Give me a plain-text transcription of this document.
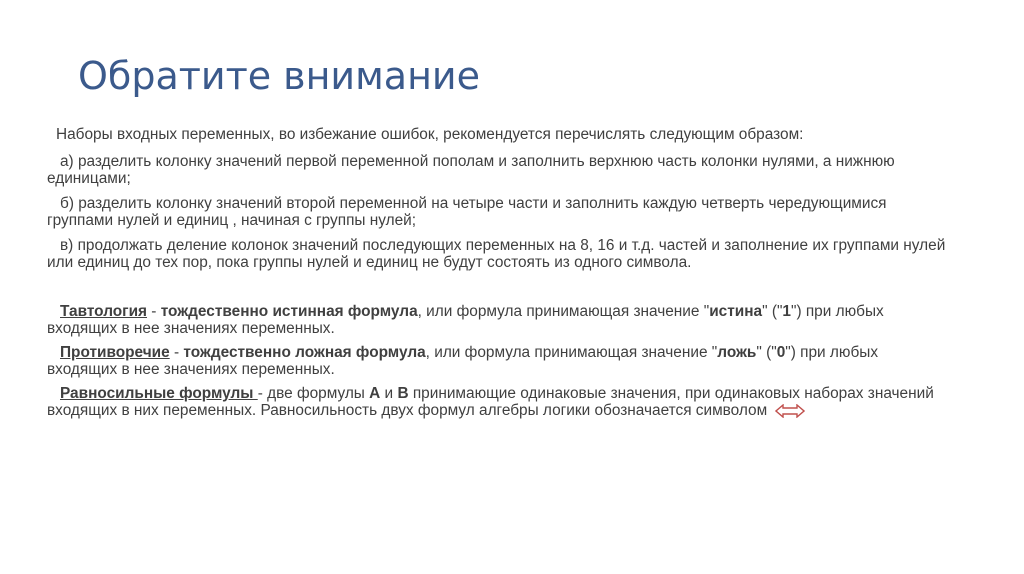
Обратите внимание

Наборы входных переменных, во избежание ошибок, рекомендуется перечислять следующим образом:

а) разделить колонку значений первой переменной пополам и заполнить верхнюю часть колонки нулями, а нижнюю единицами;

б) разделить колонку значений второй переменной на четыре части и заполнить каждую четверть чередующимися группами нулей и единиц , начиная с группы нулей;

в) продолжать деление колонок значений последующих переменных на 8, 16 и т.д. частей и заполнение их группами нулей или единиц до тех пор, пока группы нулей и единиц не будут состоять из одного символа.

Тавтология - тождественно истинная формула, или формула принимающая значение "истина" ("1") при любых входящих в нее значениях переменных.

Противоречие - тождественно ложная формула, или формула принимающая значение "ложь" ("0") при любых входящих в нее значениях переменных.

Равносильные формулы - две формулы А и В принимающие одинаковые значения, при одинаковых наборах значений входящих в них переменных. Равносильность двух формул алгебры логики обозначается символом
